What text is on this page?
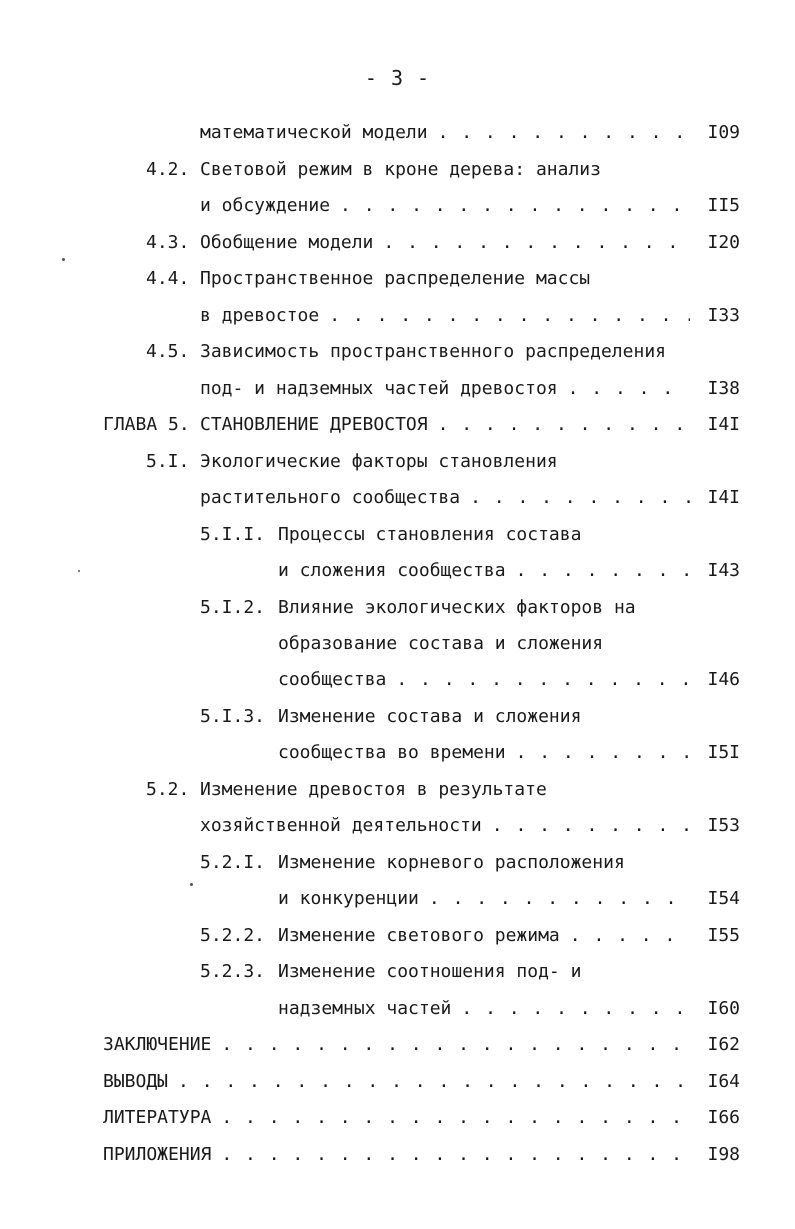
- 3 -
математической модели . . .	I09
4.2. Световой режим в кроне дерева: анализ
и обсуждение . . .	II5
4.3. Обобщение модели . . .	I20
4.4. Пространственное распределение массы
в древостое . . .	I33
4.5. Зависимость пространственного распределения
под- и надземных частей древостоя . . .	I38
ГЛАВА 5. СТАНОВЛЕНИЕ ДРЕВОСТОЯ . . .	I4I
5.I. Экологические факторы становления
растительного сообщества . . .	I4I
5.I.I. Процессы становления состава
и сложения сообщества . . .	I43
5.I.2. Влияние экологических факторов на
образование состава и сложения
сообщества . . .	I46
5.I.3. Изменение состава и сложения
сообщества во времени . . .	I5I
5.2. Изменение древостоя в результате
хозяйственной деятельности . . .	I53
5.2.I. Изменение корневого расположения
и конкуренции . . .	I54
5.2.2. Изменение светового режима . . .	I55
5.2.3. Изменение соотношения под- и
надземных частей . . .	I60
ЗАКЛЮЧЕНИЕ . . .	I62
ВЫВОДЫ . . .	I64
ЛИТЕРАТУРА . . .	I66
ПРИЛОЖЕНИЯ . . .	I98
